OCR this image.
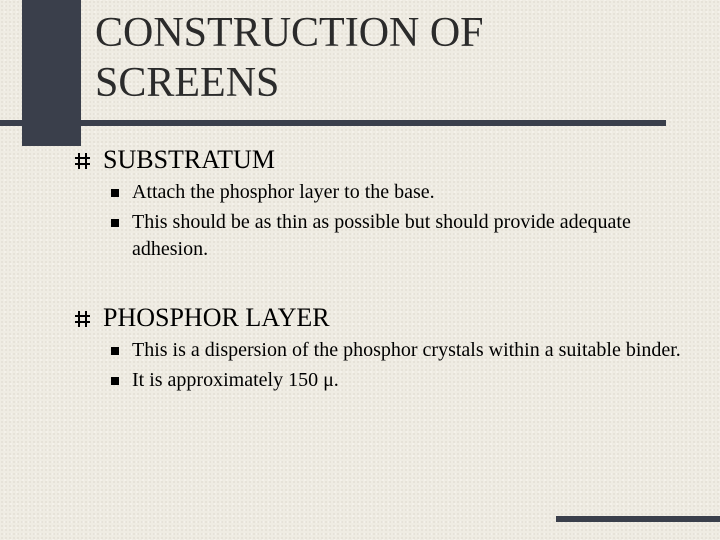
CONSTRUCTION OF
SCREENS
SUBSTRATUM
Attach the phosphor layer to the base.
This should be as thin as possible but should provide adequate adhesion.
PHOSPHOR LAYER
This is a dispersion of the phosphor crystals within a suitable binder.
It is approximately 150 μ.
